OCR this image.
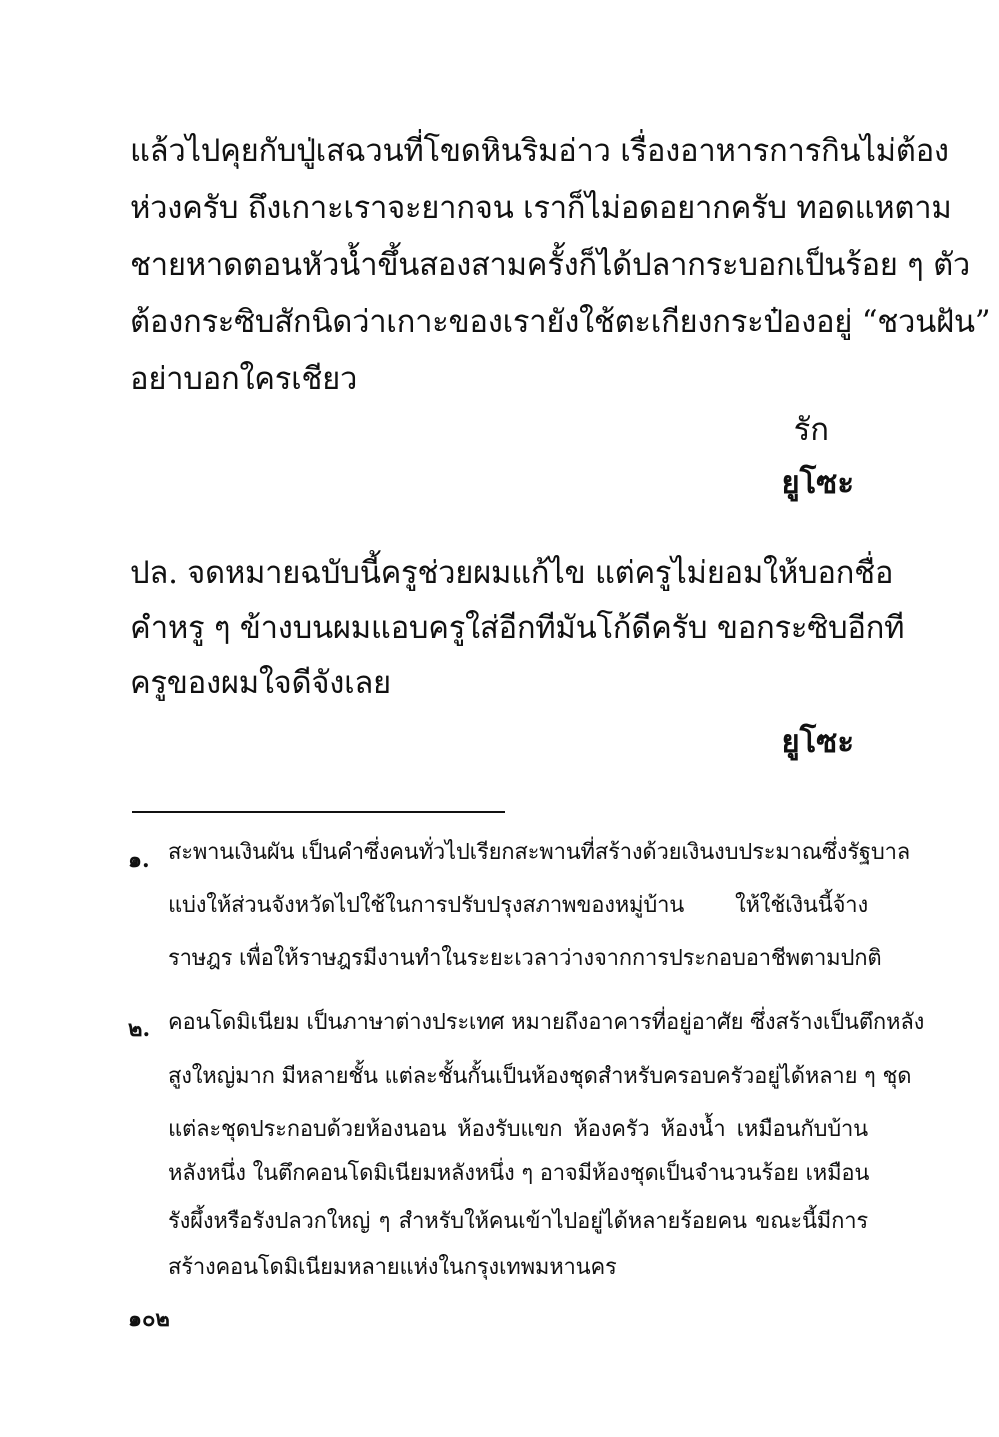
แล้วไปคุยกับปู่เสฉวนที่โขดหินริมอ่าว เรื่องอาหารการกินไม่ต้อง
ห่วงครับ ถึงเกาะเราจะยากจน เราก็ไม่อดอยากครับ ทอดแหตาม
ชายหาดตอนหัวน้ำขึ้นสองสามครั้งก็ได้ปลากระบอกเป็นร้อย ๆ ตัว
ต้องกระซิบสักนิดว่าเกาะของเรายังใช้ตะเกียงกระป๋องอยู่ “ชวนฝัน”
อย่าบอกใครเชียว
รัก
ยูโซะ
ปล. จดหมายฉบับนี้ครูช่วยผมแก้ไข แต่ครูไม่ยอมให้บอกชื่อ
คำหรู ๆ ข้างบนผมแอบครูใส่อีกทีมันโก้ดีครับ ขอกระซิบอีกที
ครูของผมใจดีจังเลย
ยูโซะ
๑. สะพานเงินผัน เป็นคำซึ่งคนทั่วไปเรียกสะพานที่สร้างด้วยเงินงบประมาณซึ่งรัฐบาล
แบ่งให้ส่วนจังหวัดไปใช้ในการปรับปรุงสภาพของหมู่บ้าน ให้ใช้เงินนี้จ้าง
ราษฎร เพื่อให้ราษฎรมีงานทำในระยะเวลาว่างจากการประกอบอาชีพตามปกติ
๒. คอนโดมิเนียม เป็นภาษาต่างประเทศ หมายถึงอาคารที่อยู่อาศัย ซึ่งสร้างเป็นตึกหลัง
สูงใหญ่มาก มีหลายชั้น แต่ละชั้นกั้นเป็นห้องชุดสำหรับครอบครัวอยู่ได้หลาย ๆ ชุด
แต่ละชุดประกอบด้วยห้องนอน ห้องรับแขก ห้องครัว ห้องน้ำ เหมือนกับบ้าน
หลังหนึ่ง ในตึกคอนโดมิเนียมหลังหนึ่ง ๆ อาจมีห้องชุดเป็นจำนวนร้อย เหมือน
รังผึ้งหรือรังปลวกใหญ่ ๆ สำหรับให้คนเข้าไปอยู่ได้หลายร้อยคน ขณะนี้มีการ
สร้างคอนโดมิเนียมหลายแห่งในกรุงเทพมหานคร
๑๐๒
